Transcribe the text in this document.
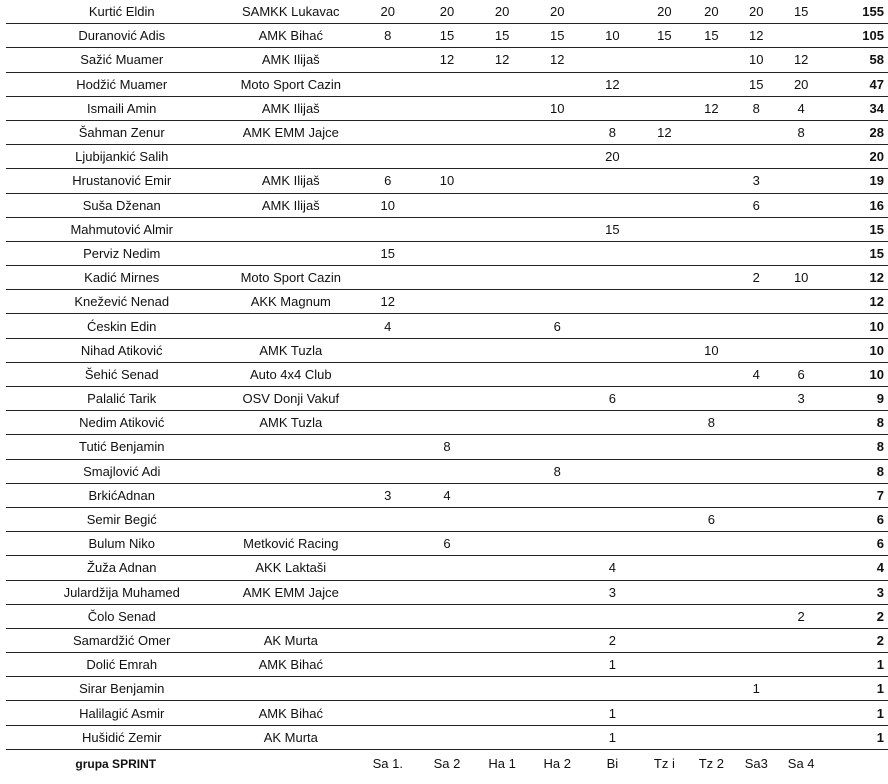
Kurtić Eldin	SAMKK Lukavac	20	20	20	20		20	20	20	15	155
Duranović Adis	AMK Bihać	8	15	15	15	10	15	15	12		105
Sažić Muamer	AMK Ilijaš		12	12	12				10	12	58
Hodžić Muamer	Moto Sport Cazin					12			15	20	47
Ismaili Amin	AMK Ilijaš				10			12	8	4	34
Šahman Zenur	AMK EMM Jajce					8	12			8	28
Ljubijankić Salih						20					20
Hrustanović Emir	AMK Ilijaš	6	10						3		19
Suša Dženan	AMK Ilijaš	10							6		16
Mahmutović Almir						15					15
Perviz Nedim		15									15
Kadić Mirnes	Moto Sport Cazin								2	10	12
Knežević Nenad	AKK Magnum	12									12
Ćeskin Edin		4			6						10
Nihad Atiković	AMK Tuzla							10			10
Šehić Senad	Auto 4x4 Club								4	6	10
Palalić Tarik	OSV Donji Vakuf					6				3	9
Nedim Atiković	AMK Tuzla							8			8
Tutić Benjamin			8								8
Smajlović Adi					8						8
BrkićAdnan		3	4								7
Semir Begić								6			6
Bulum Niko	Metković Racing		6								6
Žuža Adnan	AKK Laktaši					4					4
Julardžija Muhamed	AMK EMM Jajce					3					3
Čolo Senad										2	2
Samardžić Omer	AK Murta					2					2
Dolić Emrah	AMK Bihać					1					1
Sirar Benjamin									1		1
Halilagić Asmir	AMK Bihać					1					1
Hušidić Zemir	AK Murta					1					1
grupa SPRINT		Sa 1.	Sa 2	Ha 1	Ha 2	Bi	Tz i	Tz 2	Sa3	Sa 4	
